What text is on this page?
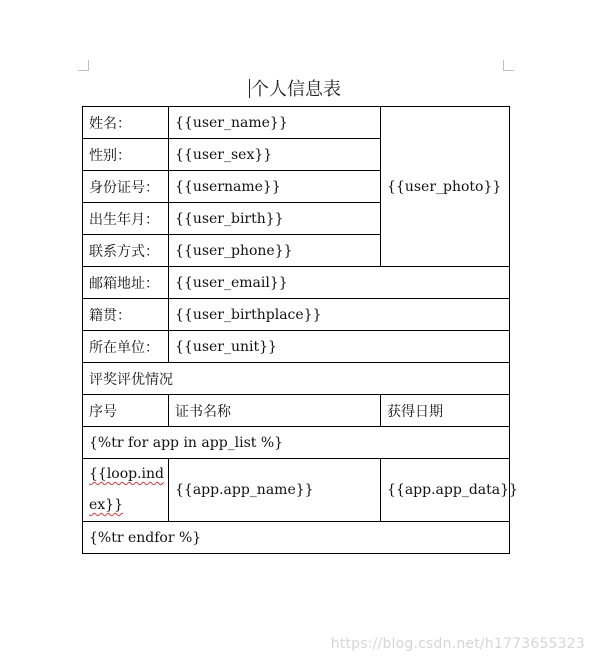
个人信息表
姓名：	{{user_name}}	{{user_photo}}
性别：	{{user_sex}}	
身份证号：	{{username}}	
出生年月：	{{user_birth}}	
联系方式：	{{user_phone}}	
邮箱地址：	{{user_email}}	
籍贯：	{{user_birthplace}}	
所在单位：	{{user_unit}}	
评奖评优情况		
序号	证书名称	获得日期
{%tr for app in app_list %}		
{{loop.ind
ex}}	{{app.app_name}}	{{app.app_data}}
{%tr endfor %}		
https://blog.csdn.net/h1773655323
